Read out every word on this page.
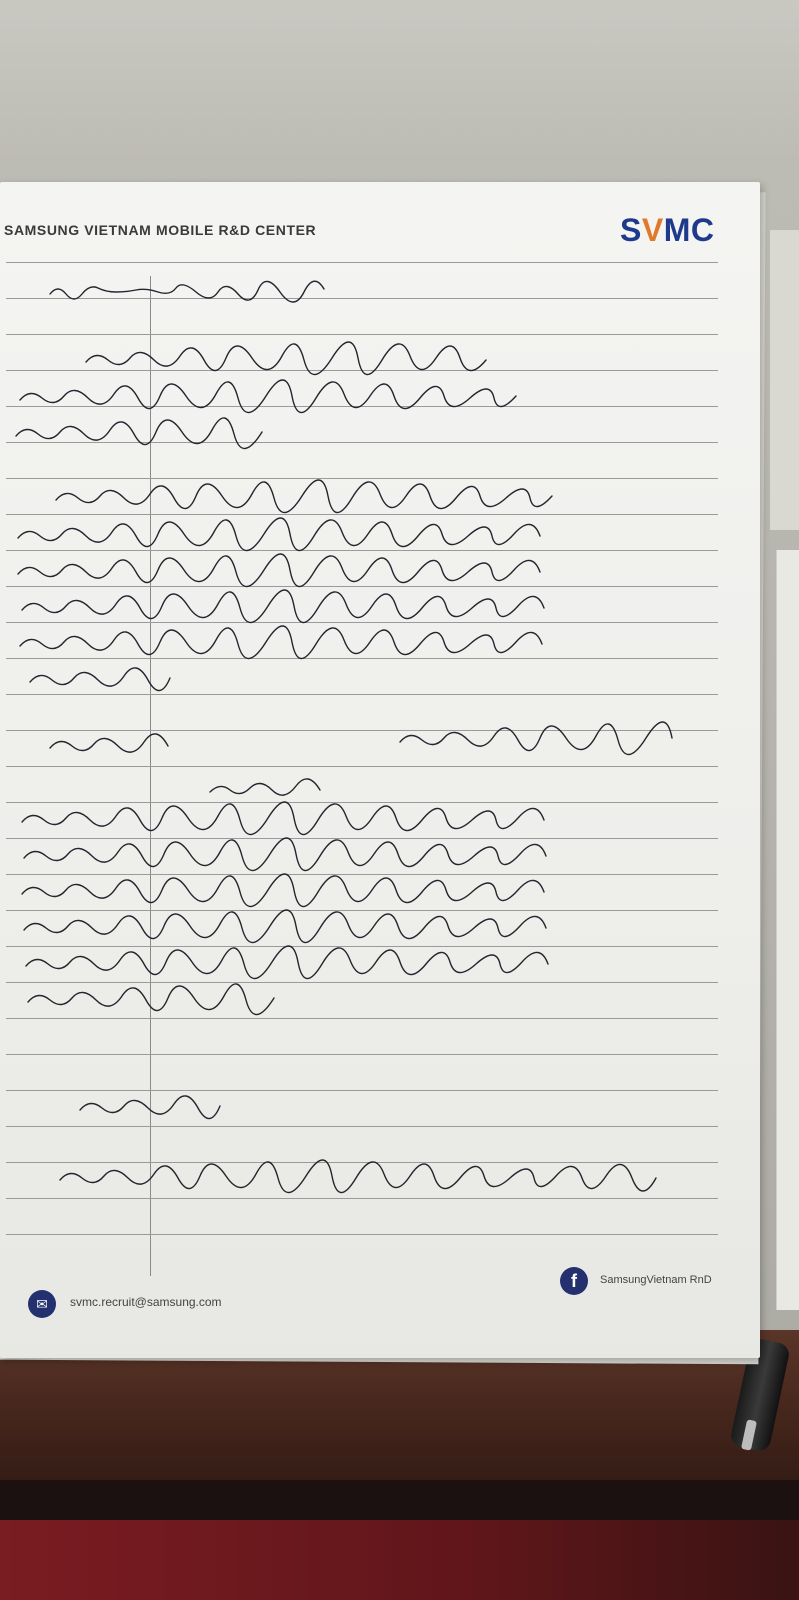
SAMSUNG VIETNAM MOBILE R&D CENTER	SVMC
✉	svmc.recruit@samsung.com
f	SamsungVietnam RnD
